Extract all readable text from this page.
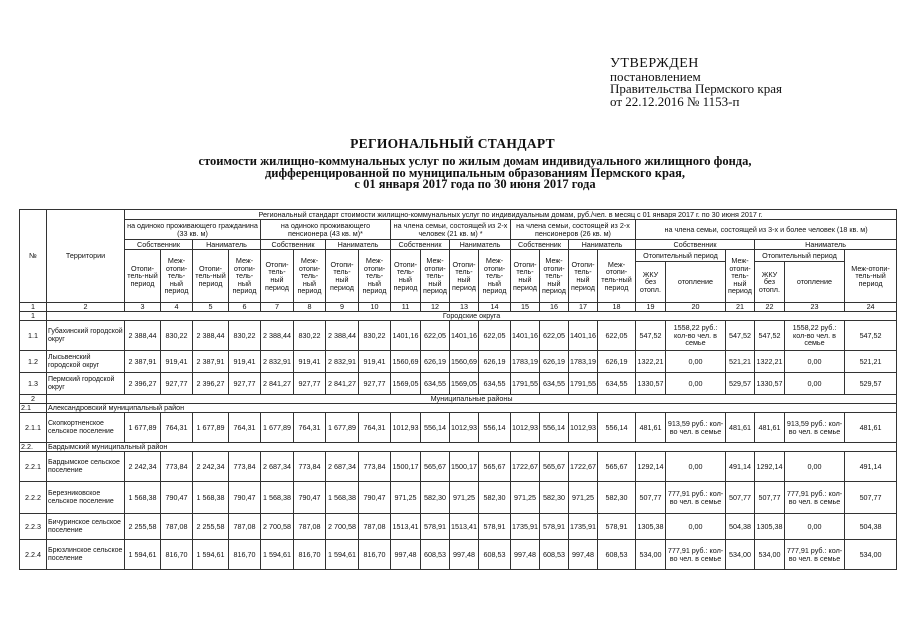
УТВЕРЖДЕН
постановлением
Правительства Пермского края
от 22.12.2016 № 1153-п
РЕГИОНАЛЬНЫЙ СТАНДАРТ
стоимости жилищно-коммунальных услуг по жилым домам индивидуального жилищного фонда,
дифференцированной по муниципальным образованиям Пермского края,
с 01 января 2017 года по 30 июня 2017 года
№	Территории	Региональный стандарт стоимости жилищно-коммунальных услуг по индивидуальным домам, руб./чел. в месяц с 01 января 2017 г. по 30 июня 2017 г.
на одиноко проживающего гражданина (33 кв. м)	на одиноко проживающего пенсионера (43 кв. м)*	на члена семьи, состоящей из 2-х человек (21 кв. м) *	на члена семьи, состоящей из 2-х пенсионеров (26 кв. м)	на члена семьи, состоящей из 3-х и более человек (18 кв. м)
Собственник	Наниматель	Собственник	Наниматель	Собственник	Наниматель	Собственник	Наниматель	Собственник	Наниматель
Отопи-тель-ный период	Меж-отопи-тель-ный период	Отопи-тель-ный период	Меж-отопи-тель-ный период	Отопи-тель-ный период	Меж-отопи-тель-ный период	Отопи-тель-ный период	Меж-отопи-тель-ный период	Отопи-тель-ный период	Меж-отопи-тель-ный период	Отопи-тель-ный период	Меж-отопи-тель-ный период	Отопи-тель-ный период	Меж-отопи-тель-ный период	Отопи-тель-ный период	Меж-отопи-тель-ный период	
Отопительный период
ЖКУ без отопл.	отопление
	Меж-отопи-тель-ный период	
Отопительный период
ЖКУ без отопл.	отопление
	Меж-отопи-тель-ный период
1	2	3	4	5	6	7	8	9	10	11	12	13	14	15	16	17	18	19	20	21	22	23	24
1	Городские округа
1.1	Губахинский городской округ	2 388,44	830,22	2 388,44	830,22	2 388,44	830,22	2 388,44	830,22	1401,16	622,05	1401,16	622,05	1401,16	622,05	1401,16	622,05	547,52	1558,22 руб.: кол-во чел. в семье	547,52	547,52	1558,22 руб.: кол-во чел. в семье	547,52
1.2	Лысьвенский городской округ	2 387,91	919,41	2 387,91	919,41	2 832,91	919,41	2 832,91	919,41	1560,69	626,19	1560,69	626,19	1783,19	626,19	1783,19	626,19	1322,21	0,00	521,21	1322,21	0,00	521,21
1.3	Пермский городской округ	2 396,27	927,77	2 396,27	927,77	2 841,27	927,77	2 841,27	927,77	1569,05	634,55	1569,05	634,55	1791,55	634,55	1791,55	634,55	1330,57	0,00	529,57	1330,57	0,00	529,57
2	Муниципальные районы
2.1	Александровский муниципальный район
2.1.1	Скопкортненское сельское поселение	1 677,89	764,31	1 677,89	764,31	1 677,89	764,31	1 677,89	764,31	1012,93	556,14	1012,93	556,14	1012,93	556,14	1012,93	556,14	481,61	913,59 руб.: кол-во чел. в семье	481,61	481,61	913,59 руб.: кол-во чел. в семье	481,61
2.2.	Бардымский муниципальный район
2.2.1	Бардымское сельское поселение	2 242,34	773,84	2 242,34	773,84	2 687,34	773,84	2 687,34	773,84	1500,17	565,67	1500,17	565,67	1722,67	565,67	1722,67	565,67	1292,14	0,00	491,14	1292,14	0,00	491,14
2.2.2	Березниковское сельское поселение	1 568,38	790,47	1 568,38	790,47	1 568,38	790,47	1 568,38	790,47	971,25	582,30	971,25	582,30	971,25	582,30	971,25	582,30	507,77	777,91 руб.: кол-во чел. в семье	507,77	507,77	777,91 руб.: кол-во чел. в семье	507,77
2.2.3	Бичуринское сельское поселение	2 255,58	787,08	2 255,58	787,08	2 700,58	787,08	2 700,58	787,08	1513,41	578,91	1513,41	578,91	1735,91	578,91	1735,91	578,91	1305,38	0,00	504,38	1305,38	0,00	504,38
2.2.4	Брюзлинское сельское поселение	1 594,61	816,70	1 594,61	816,70	1 594,61	816,70	1 594,61	816,70	997,48	608,53	997,48	608,53	997,48	608,53	997,48	608,53	534,00	777,91 руб.: кол-во чел. в семье	534,00	534,00	777,91 руб.: кол-во чел. в семье	534,00
